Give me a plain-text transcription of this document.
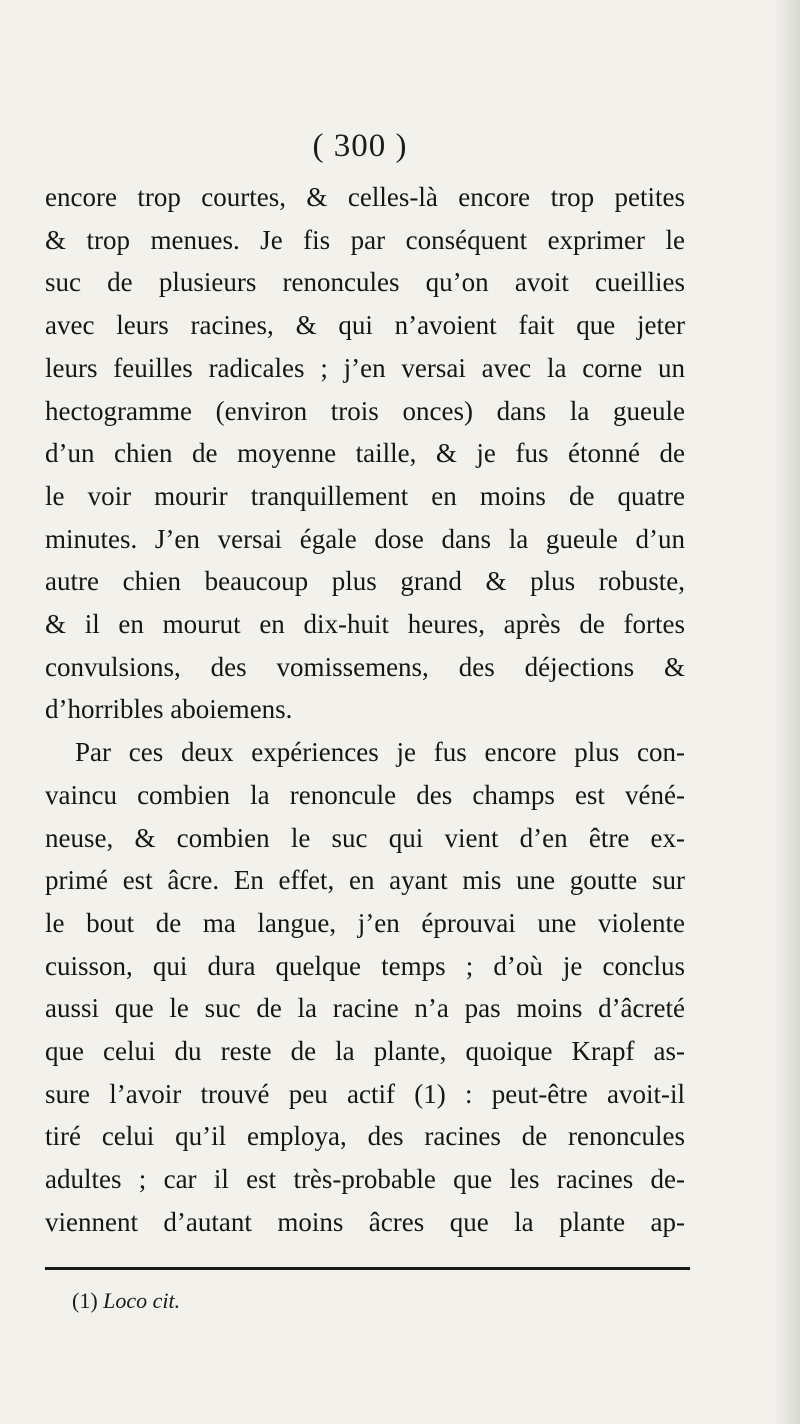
( 300 )
encore trop courtes, & celles-là encore trop petites
& trop menues. Je fis par conséquent exprimer le
suc de plusieurs renoncules qu’on avoit cueillies
avec leurs racines, & qui n’avoient fait que jeter
leurs feuilles radicales ; j’en versai avec la corne un
hectogramme (environ trois onces) dans la gueule
d’un chien de moyenne taille, & je fus étonné de
le voir mourir tranquillement en moins de quatre
minutes. J’en versai égale dose dans la gueule d’un
autre chien beaucoup plus grand & plus robuste,
& il en mourut en dix-huit heures, après de fortes
convulsions, des vomissemens, des déjections &
d’horribles aboiemens.
Par ces deux expériences je fus encore plus con-
vaincu combien la renoncule des champs est véné-
neuse, & combien le suc qui vient d’en être ex-
primé est âcre. En effet, en ayant mis une goutte sur
le bout de ma langue, j’en éprouvai une violente
cuisson, qui dura quelque temps ; d’où je conclus
aussi que le suc de la racine n’a pas moins d’âcreté
que celui du reste de la plante, quoique Krapf as-
sure l’avoir trouvé peu actif (1) : peut-être avoit-il
tiré celui qu’il employa, des racines de renoncules
adultes ; car il est très-probable que les racines de-
viennent d’autant moins âcres que la plante ap-
(1) Loco cit.
